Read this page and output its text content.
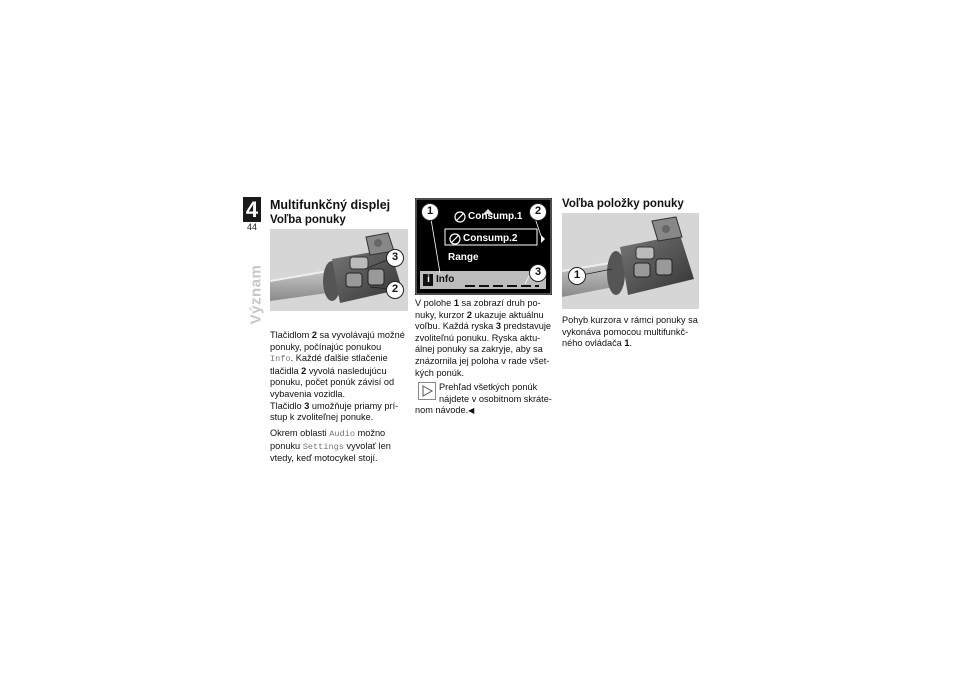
4
44
Význam
Multifunkčný displej
Voľba ponuky
3
2
Tlačidlom 2 sa vyvolávajú možné
ponuky, počínajúc ponukou
Info. Každé ďalšie stlačenie
tlačidla 2 vyvolá nasledujúcu
ponuku, počet ponúk závisí od
vybavenia vozidla.
Tlačidlo 3 umožňuje priamy prí-
stup k zvoliteľnej ponuke.
Okrem oblasti Audio možno
ponuku Settings vyvolať len
vtedy, keď motocykel stojí.
Consump.1
Consump.2
Range
i Info
1	2
3
V polohe 1 sa zobrazí druh po-
nuky, kurzor 2 ukazuje aktuálnu
voľbu. Každá ryska 3 predstavuje
zvoliteľnú ponuku. Ryska aktu-
álnej ponuky sa zakryje, aby sa
znázornila jej poloha v rade všet-
kých ponúk.
Prehľad všetkých ponúk
nájdete v osobitnom skráte-
nom návode.◀
Voľba položky ponuky
1
Pohyb kurzora v rámci ponuky sa
vykonáva pomocou multifunkč-
ného ovládača 1.
